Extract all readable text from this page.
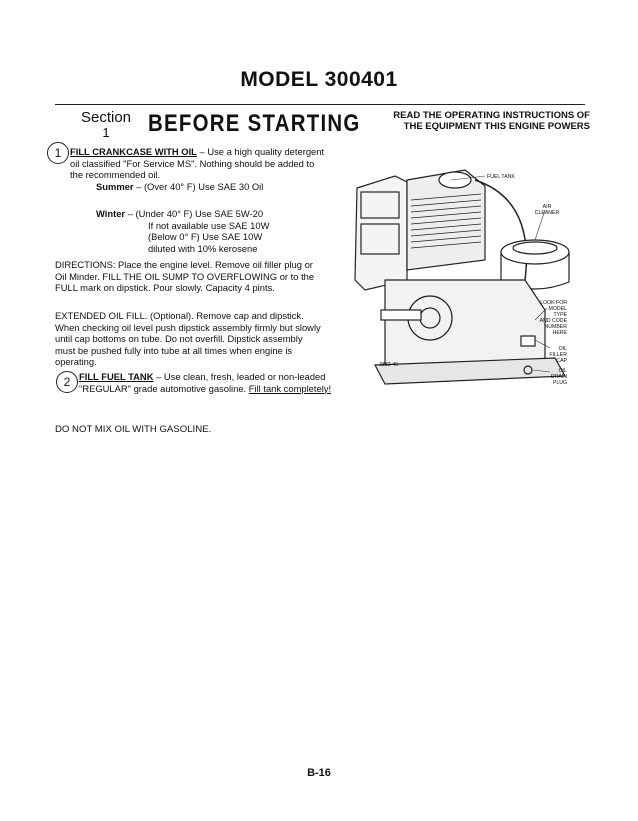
MODEL 300401
Section
1	BEFORE STARTING	READ THE OPERATING INSTRUCTIONS OF THE EQUIPMENT THIS ENGINE POWERS
1 FILL CRANKCASE WITH OIL – Use a high quality detergent oil classified "For Service MS". Nothing should be added to the recommended oil.
Summer – (Over 40° F) Use SAE 30 Oil
Winter – (Under 40° F) Use SAE 5W-20
If not available use SAE 10W
(Below 0° F) Use SAE 10W
diluted with 10% kerosene
DIRECTIONS: Place the engine level. Remove oil filler plug or Oil Minder. FILL THE OIL SUMP TO OVERFLOWING or to the FULL mark on dipstick. Pour slowly. Capacity 4 pints.
EXTENDED OIL FILL. (Optional). Remove cap and dipstick. When checking oil level push dipstick assembly firmly but slowly until cap bottoms on tube. Do not overfill. Dipstick assembly must be pushed fully into tube at all times when engine is operating.
2 FILL FUEL TANK – Use clean, fresh, leaded or non-leaded "REGULAR" grade automotive gasoline. Fill tank completely!
DO NOT MIX OIL WITH GASOLINE.
FUEL TANK
AIR
CLEANER
LOOK FOR
MODEL
TYPE
AND CODE
NUMBER
HERE
OIL
FILLER
CAP
OIL
DRAIN
PLUG
3882-46
B-16
